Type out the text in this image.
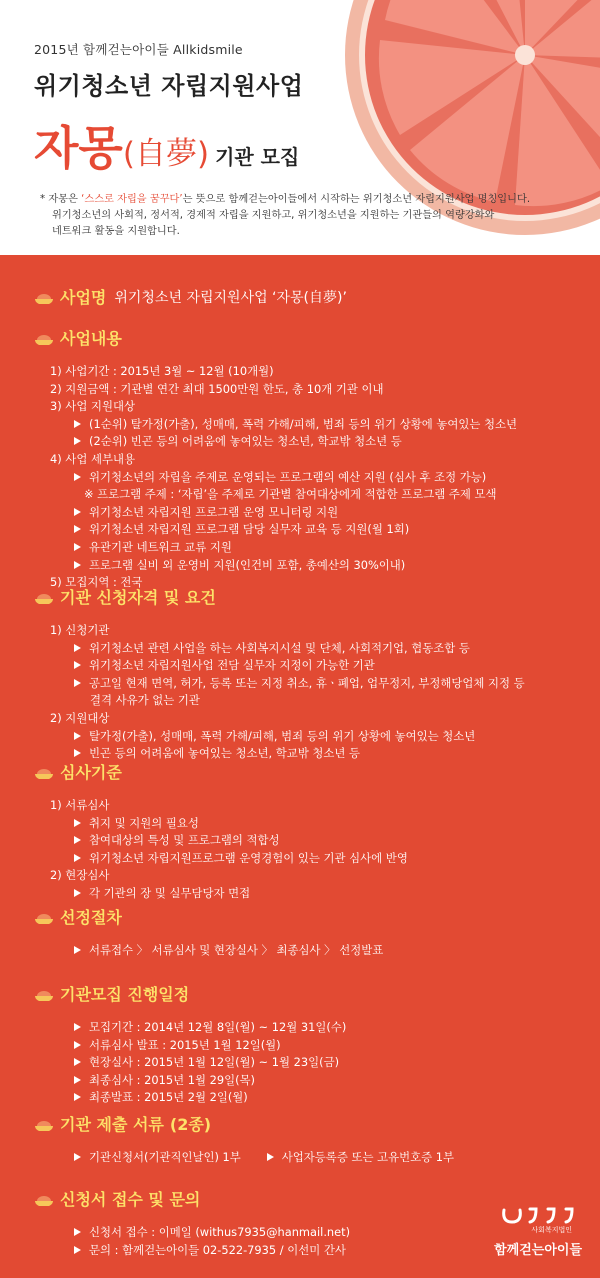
2015년 함께걷는아이들 Allkidsmile
위기청소년 자립지원사업
자몽(自夢) 기관 모집
* 자몽은 ‘스스로 자립을 꿈꾸다’는 뜻으로 함께걷는아이들에서 시작하는 위기청소년 자립지원사업 명칭입니다.
위기청소년의 사회적, 정서적, 경제적 자립을 지원하고, 위기청소년을 지원하는 기관들의 역량강화와
네트워크 활동을 지원합니다.
사업명 위기청소년 자립지원사업 ‘자몽(自夢)’
사업내용
1) 사업기간 : 2015년 3월 ~ 12월 (10개월)
2) 지원금액 : 기관별 연간 최대 1500만원 한도, 총 10개 기관 이내
3) 사업 지원대상
(1순위) 탈가정(가출), 성매매, 폭력 가해/피해, 범죄 등의 위기 상황에 놓여있는 청소년
(2순위) 빈곤 등의 어려움에 놓여있는 청소년, 학교밖 청소년 등
4) 사업 세부내용
위기청소년의 자립을 주제로 운영되는 프로그램의 예산 지원 (심사 후 조정 가능)
※ 프로그램 주제 : ‘자립’을 주제로 기관별 참여대상에게 적합한 프로그램 주제 모색
위기청소년 자립지원 프로그램 운영 모니터링 지원
위기청소년 자립지원 프로그램 담당 실무자 교육 등 지원(월 1회)
유관기관 네트워크 교류 지원
프로그램 실비 외 운영비 지원(인건비 포함, 총예산의 30%이내)
5) 모집지역 : 전국
기관 신청자격 및 요건
1) 신청기관
위기청소년 관련 사업을 하는 사회복지시설 및 단체, 사회적기업, 협동조합 등
위기청소년 자립지원사업 전담 실무자 지정이 가능한 기관
공고일 현재 면역, 허가, 등록 또는 지정 취소, 휴ㆍ폐업, 업무정지, 부정해당업체 지정 등
결격 사유가 없는 기관
2) 지원대상
탈가정(가출), 성매매, 폭력 가해/피해, 범죄 등의 위기 상황에 놓여있는 청소년
빈곤 등의 어려움에 놓여있는 청소년, 학교밖 청소년 등
심사기준
1) 서류심사
취지 및 지원의 필요성
참여대상의 특성 및 프로그램의 적합성
위기청소년 자립지원프로그램 운영경험이 있는 기관 심사에 반영
2) 현장심사
각 기관의 장 및 실무담당자 면접
선정절차
서류접수 〉 서류심사 및 현장실사 〉 최종심사 〉 선정발표
기관모집 진행일정
모집기간 : 2014년 12월 8일(월) ~ 12월 31일(수)
서류심사 발표 : 2015년 1월 12일(월)
현장실사 : 2015년 1월 12일(월) ~ 1월 23일(금)
최종심사 : 2015년 1월 29일(목)
최종발표 : 2015년 2월 2일(월)
기관 제출 서류 (2종)
기관신청서(기관직인날인) 1부	사업자등록증 또는 고유번호증 1부
신청서 접수 및 문의
신청서 접수 : 이메일 (withus7935@hanmail.net)
문의 : 함께걷는아이들 02-522-7935 / 이선미 간사
사회복지법인
함께걷는아이들
